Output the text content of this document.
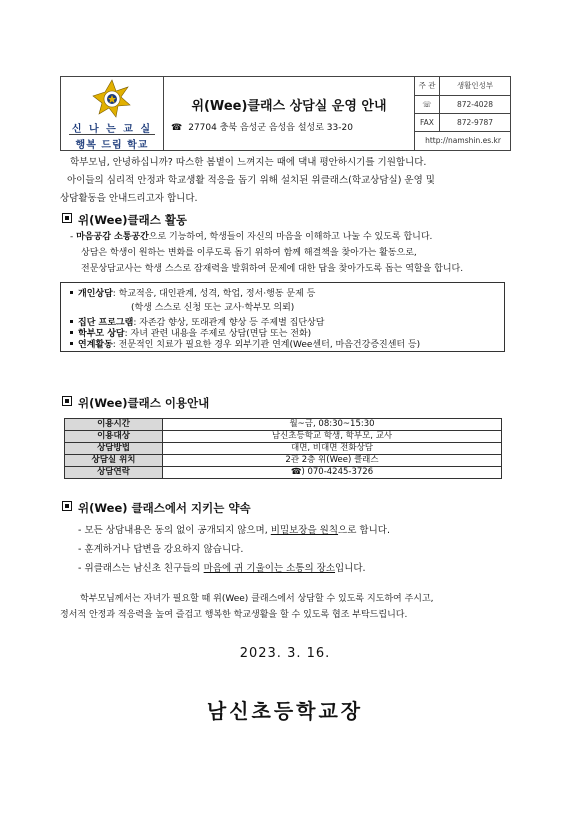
신 나 는 교 실
행복 드림 학교
위(Wee)클래스 상담실 운영 안내
☎ 27704 충북 음성군 음성읍 설성로 33-20
주 관	생활인성부
☏	872-4028
FAX	872-9787
http://namshin.es.kr
학부모님, 안녕하십니까? 따스한 봄볕이 느껴지는 때에 댁내 평안하시기를 기원합니다.
아이들의 심리적 안정과 학교생활 적응을 돕기 위해 설치된 위클래스(학교상담실) 운영 및
상담활동을 안내드리고자 합니다.
위(Wee)클래스 활동
- 마음공감 소통공간으로 기능하여, 학생들이 자신의 마음을 이해하고 나눌 수 있도록 합니다.
상담은 학생이 원하는 변화를 이루도록 돕기 위하여 함께 해결책을 찾아가는 활동으로,
전문상담교사는 학생 스스로 잠재력을 발휘하여 문제에 대한 답을 찾아가도록 돕는 역할을 합니다.
개인상담: 학교적응, 대인관계, 성격, 학업, 정서·행동 문제 등
(학생 스스로 신청 또는 교사·학부모 의뢰)
집단 프로그램: 자존감 향상, 또래관계 향상 등 주제별 집단상담
학부모 상담: 자녀 관련 내용을 주제로 상담(면담 또는 전화)
연계활동: 전문적인 치료가 필요한 경우 외부기관 연계(Wee센터, 마음건강증진센터 등)
위(Wee)클래스 이용안내
이용시간	월~금, 08:30~15:30
이용대상	남신초등학교 학생, 학부모, 교사
상담방법	대면, 비대면 전화상담
상담실 위치	2관 2층 위(Wee) 클래스
상담연락	☎) 070-4245-3726
위(Wee) 클래스에서 지키는 약속
- 모든 상담내용은 동의 없이 공개되지 않으며, 비밀보장을 원칙으로 합니다.
- 훈계하거나 답변을 강요하지 않습니다.
- 위클래스는 남신초 친구들의 마음에 귀 기울이는 소통의 장소입니다.
학부모님께서는 자녀가 필요할 때 위(Wee) 클래스에서 상담할 수 있도록 지도하여 주시고,
정서적 안정과 적응력을 높여 즐겁고 행복한 학교생활을 할 수 있도록 협조 부탁드립니다.
2023. 3. 16.
남신초등학교장
